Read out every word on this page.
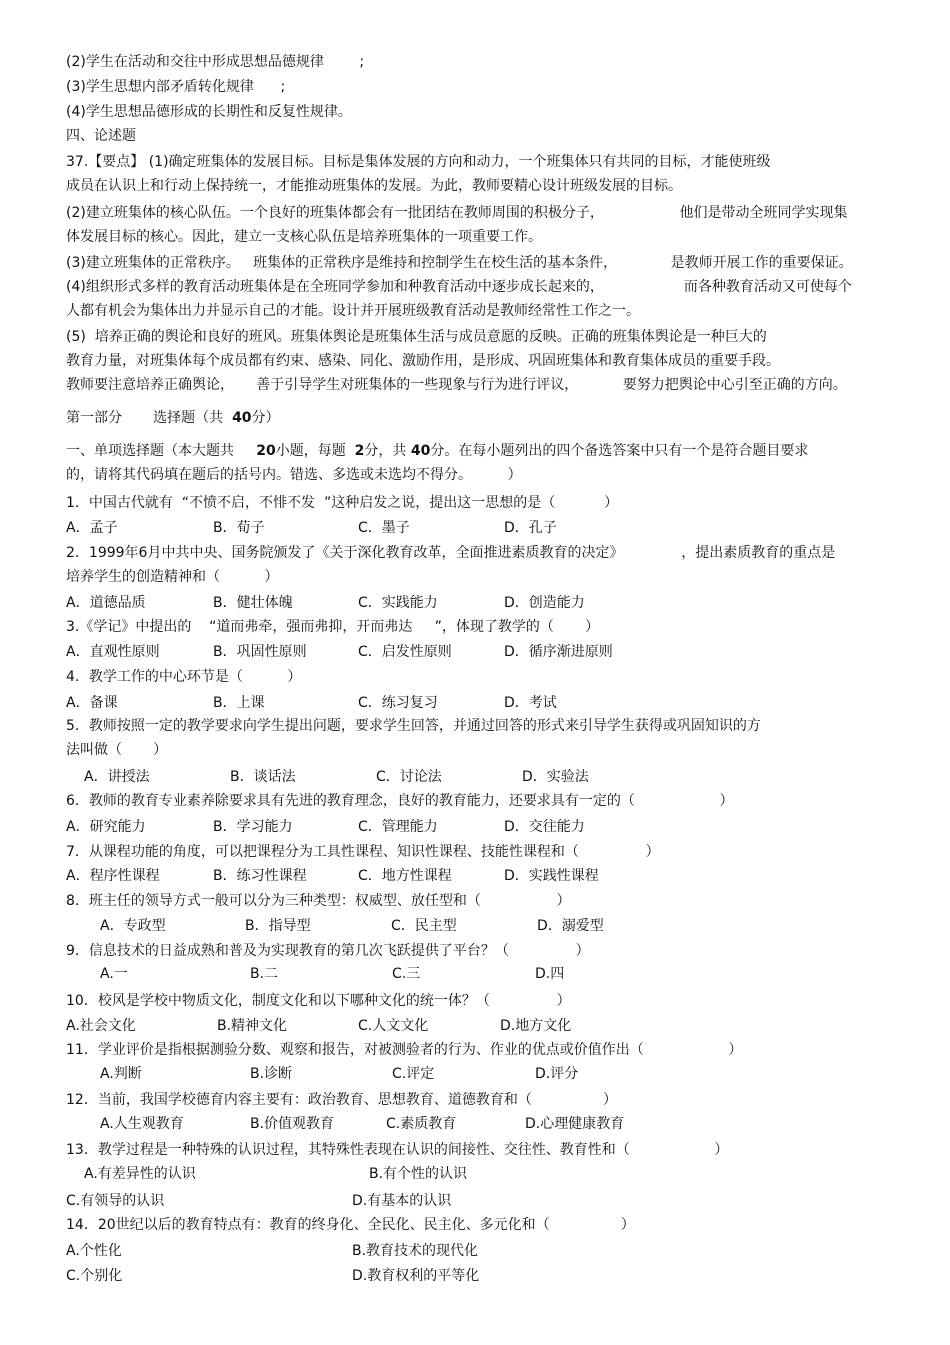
(2)学生在活动和交往中形成思想品德规律        ;
(3)学生思想内部矛盾转化规律      ;
(4)学生思想品德形成的长期性和反复性规律。
四、论述题
37.【要点】 (1)确定班集体的发展目标。目标是集体发展的方向和动力，一个班集体只有共同的目标，才能使班级
成员在认识上和行动上保持统一，才能推动班集体的发展。为此，教师要精心设计班级发展的目标。
(2)建立班集体的核心队伍。一个良好的班集体都会有一批团结在教师周围的积极分子，                 他们是带动全班同学实现集
体发展目标的核心。因此，建立一支核心队伍是培养班集体的一项重要工作。
(3)建立班集体的正常秩序。   班集体的正常秩序是维持和控制学生在校生活的基本条件，            是教师开展工作的重要保证。
(4)组织形式多样的教育活动班集体是在全班同学参加和种教育活动中逐步成长起来的，                  而各种教育活动又可使每个
人都有机会为集体出力并显示自己的才能。设计并开展班级教育活动是教师经常性工作之一。
(5)  培养正确的舆论和良好的班风。班集体舆论是班集体生活与成员意愿的反映。正确的班集体舆论是一种巨大的
教育力量，对班集体每个成员都有约束、感染、同化、激励作用，是形成、巩固班集体和教育集体成员的重要手段。
教师要注意培养正确舆论，     善于引导学生对班集体的一些现象与行为进行评议，          要努力把舆论中心引至正确的方向。
第一部分       选择题（共  40分）
一、单项选择题（本大题共     20小题，每题  2分，共 40分。在每小题列出的四个备选答案中只有一个是符合题目要求
的，请将其代码填在题后的括号内。错选、多选或未选均不得分。        ）
1．中国古代就有  “不愤不启，不悱不发  ”这种启发之说，提出这一思想的是（           ）
A．孟子	B．荀子	C．墨子	D．孔子
2．1999年6月中共中央、国务院颁发了《关于深化教育改革，全面推进素质教育的决定》             ，提出素质教育的重点是
培养学生的创造精神和（          ）
A．道德品质	B．健壮体魄	C．实践能力	D．创造能力
3.《学记》中提出的    “道而弗牵，强而弗抑，开而弗达     ”，体现了教学的（       ）
A．直观性原则	B．巩固性原则	C．启发性原则	D．循序渐进原则
4．教学工作的中心环节是（          ）
A．备课	B．上课	C．练习复习	D．考试
5．教师按照一定的教学要求向学生提出问题，要求学生回答，并通过回答的形式来引导学生获得或巩固知识的方
法叫做（       ）
A．讲授法	B．谈话法	C．讨论法	D．实验法
6．教师的教育专业素养除要求具有先进的教育理念，良好的教育能力，还要求具有一定的（                   ）
A．研究能力	B．学习能力	C．管理能力	D．交往能力
7．从课程功能的角度，可以把课程分为工具性课程、知识性课程、技能性课程和（               ）
A．程序性课程	B．练习性课程	C．地方性课程	D．实践性课程
8．班主任的领导方式一般可以分为三种类型：权威型、放任型和（                 ）
A．专政型	B．指导型	C．民主型	D．溺爱型
9．信息技术的日益成熟和普及为实现教育的第几次飞跃提供了平台？（               ）
A.一	B.二	C.三	D.四
10．校风是学校中物质文化，制度文化和以下哪种文化的统一体？（               ）
A.社会文化	B.精神文化	C.人文文化	D.地方文化
11．学业评价是指根据测验分数、观察和报告，对被测验者的行为、作业的优点或价值作出（                   ）
A.判断	B.诊断	C.评定	D.评分
12．当前，我国学校德育内容主要有：政治教育、思想教育、道德教育和（                ）
A.人生观教育	B.价值观教育	C.素质教育	D.心理健康教育
13．教学过程是一种特殊的认识过程，其特殊性表现在认识的间接性、交往性、教育性和（                   ）
A.有差异性的认识	B.有个性的认识
C.有领导的认识	D.有基本的认识
14．20世纪以后的教育特点有：教育的终身化、全民化、民主化、多元化和（                ）
A.个性化	B.教育技术的现代化
C.个别化	D.教育权利的平等化
